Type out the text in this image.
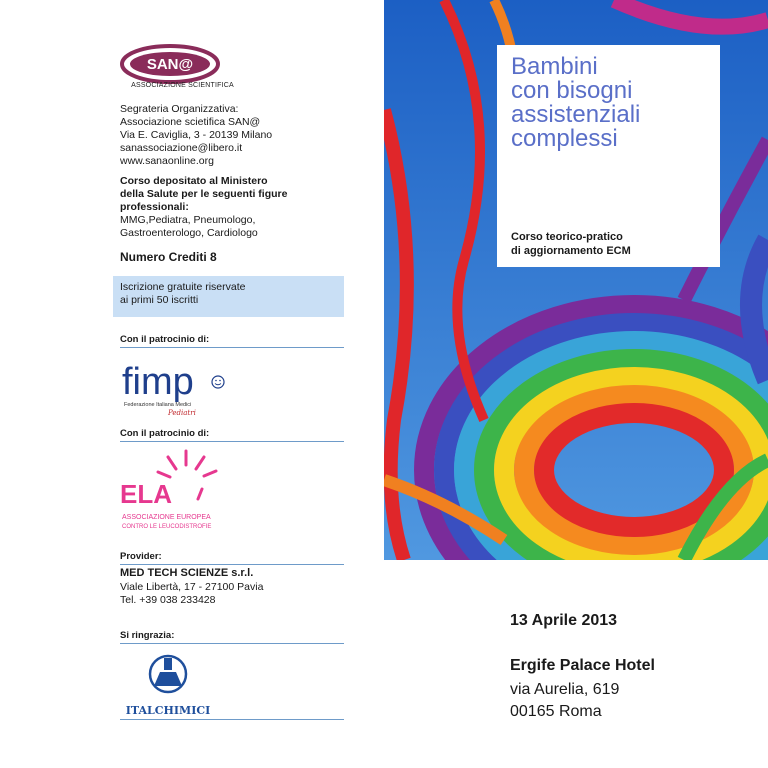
SAN@
ASSOCIAZIONE SCIENTIFICA
Segrateria Organizzativa:
Associazione scietifica SAN@
Via E. Caviglia, 3 - 20139 Milano
sanassociazione@libero.it
www.sanaonline.org
Corso depositato al Ministero
della Salute per le seguenti figure
professionali:
MMG,Pediatra, Pneumologo,
Gastroenterologo, Cardiologo
Numero Crediti 8
Iscrizione gratuite riservate
ai primi 50 iscritti
Con il patrocinio di:
fimp
Federazione Italiana Medici
Pediatri
Con il patrocinio di:
ELA
ASSOCIAZIONE EUROPEA
CONTRO LE LEUCODISTROFIE
Provider:
MED TECH SCIENZE s.r.l.
Viale Libertà, 17 - 27100 Pavia
Tel. +39 038 233428
Si ringrazia:
ITALCHIMICI
Bambini
con bisogni
assistenziali
complessi
Corso teorico-pratico
di aggiornamento ECM
13 Aprile 2013
Ergife Palace Hotel
via Aurelia, 619
00165 Roma
